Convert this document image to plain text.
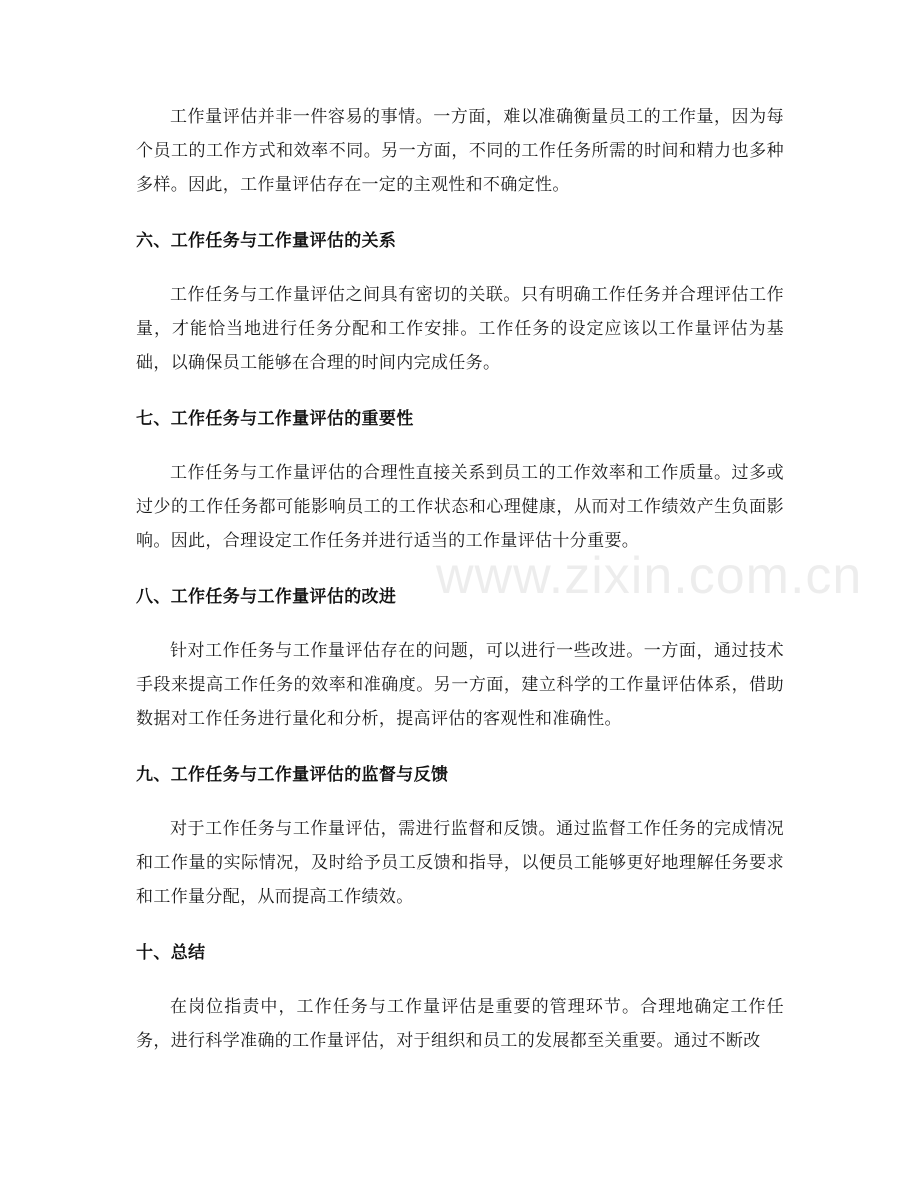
工作量评估并非一件容易的事情。一方面，难以准确衡量员工的工作量，因为每个员工的工作方式和效率不同。另一方面，不同的工作任务所需的时间和精力也多种多样。因此，工作量评估存在一定的主观性和不确定性。

六、工作任务与工作量评估的关系

工作任务与工作量评估之间具有密切的关联。只有明确工作任务并合理评估工作量，才能恰当地进行任务分配和工作安排。工作任务的设定应该以工作量评估为基础，以确保员工能够在合理的时间内完成任务。

七、工作任务与工作量评估的重要性

工作任务与工作量评估的合理性直接关系到员工的工作效率和工作质量。过多或过少的工作任务都可能影响员工的工作状态和心理健康，从而对工作绩效产生负面影响。因此，合理设定工作任务并进行适当的工作量评估十分重要。

八、工作任务与工作量评估的改进

针对工作任务与工作量评估存在的问题，可以进行一些改进。一方面，通过技术手段来提高工作任务的效率和准确度。另一方面，建立科学的工作量评估体系，借助数据对工作任务进行量化和分析，提高评估的客观性和准确性。

九、工作任务与工作量评估的监督与反馈

对于工作任务与工作量评估，需进行监督和反馈。通过监督工作任务的完成情况和工作量的实际情况，及时给予员工反馈和指导，以便员工能够更好地理解任务要求和工作量分配，从而提高工作绩效。

十、总结

在岗位指责中，工作任务与工作量评估是重要的管理环节。合理地确定工作任务，进行科学准确的工作量评估，对于组织和员工的发展都至关重要。通过不断改

www.zixin.com.cn
